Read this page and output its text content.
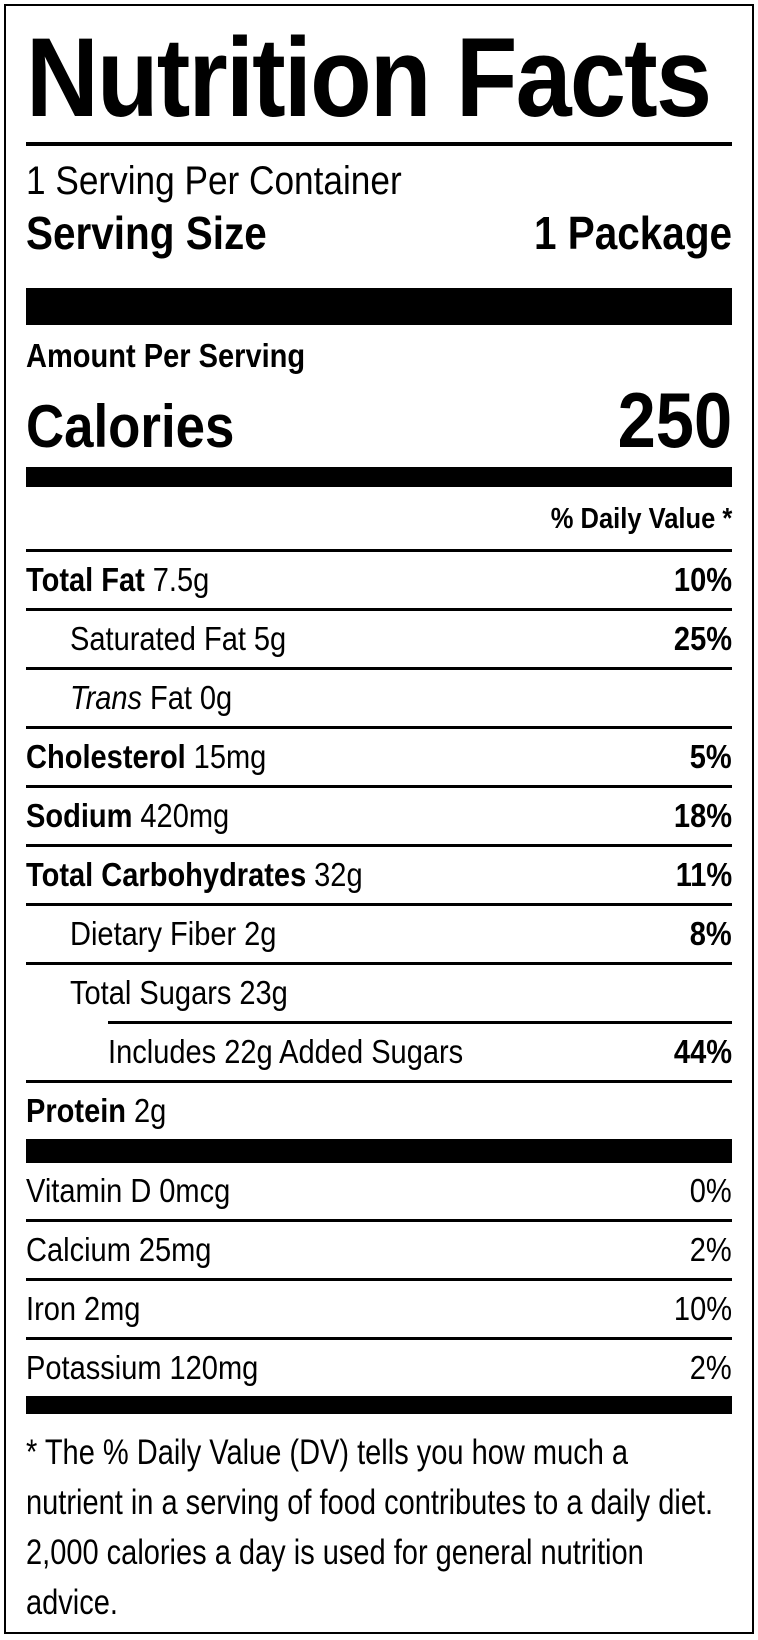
Nutrition Facts
1 Serving Per Container
Serving Size	1 Package
Amount Per Serving
Calories	250
% Daily Value *
Total Fat 7.5g	10%
Saturated Fat 5g	25%
Trans Fat 0g
Cholesterol 15mg	5%
Sodium 420mg	18%
Total Carbohydrates 32g	11%
Dietary Fiber 2g	8%
Total Sugars 23g
Includes 22g Added Sugars	44%
Protein 2g
Vitamin D 0mcg	0%
Calcium 25mg	2%
Iron 2mg	10%
Potassium 120mg	2%

* The % Daily Value (DV) tells you how much a nutrient in a serving of food contributes to a daily diet. 2,000 calories a day is used for general nutrition advice.
